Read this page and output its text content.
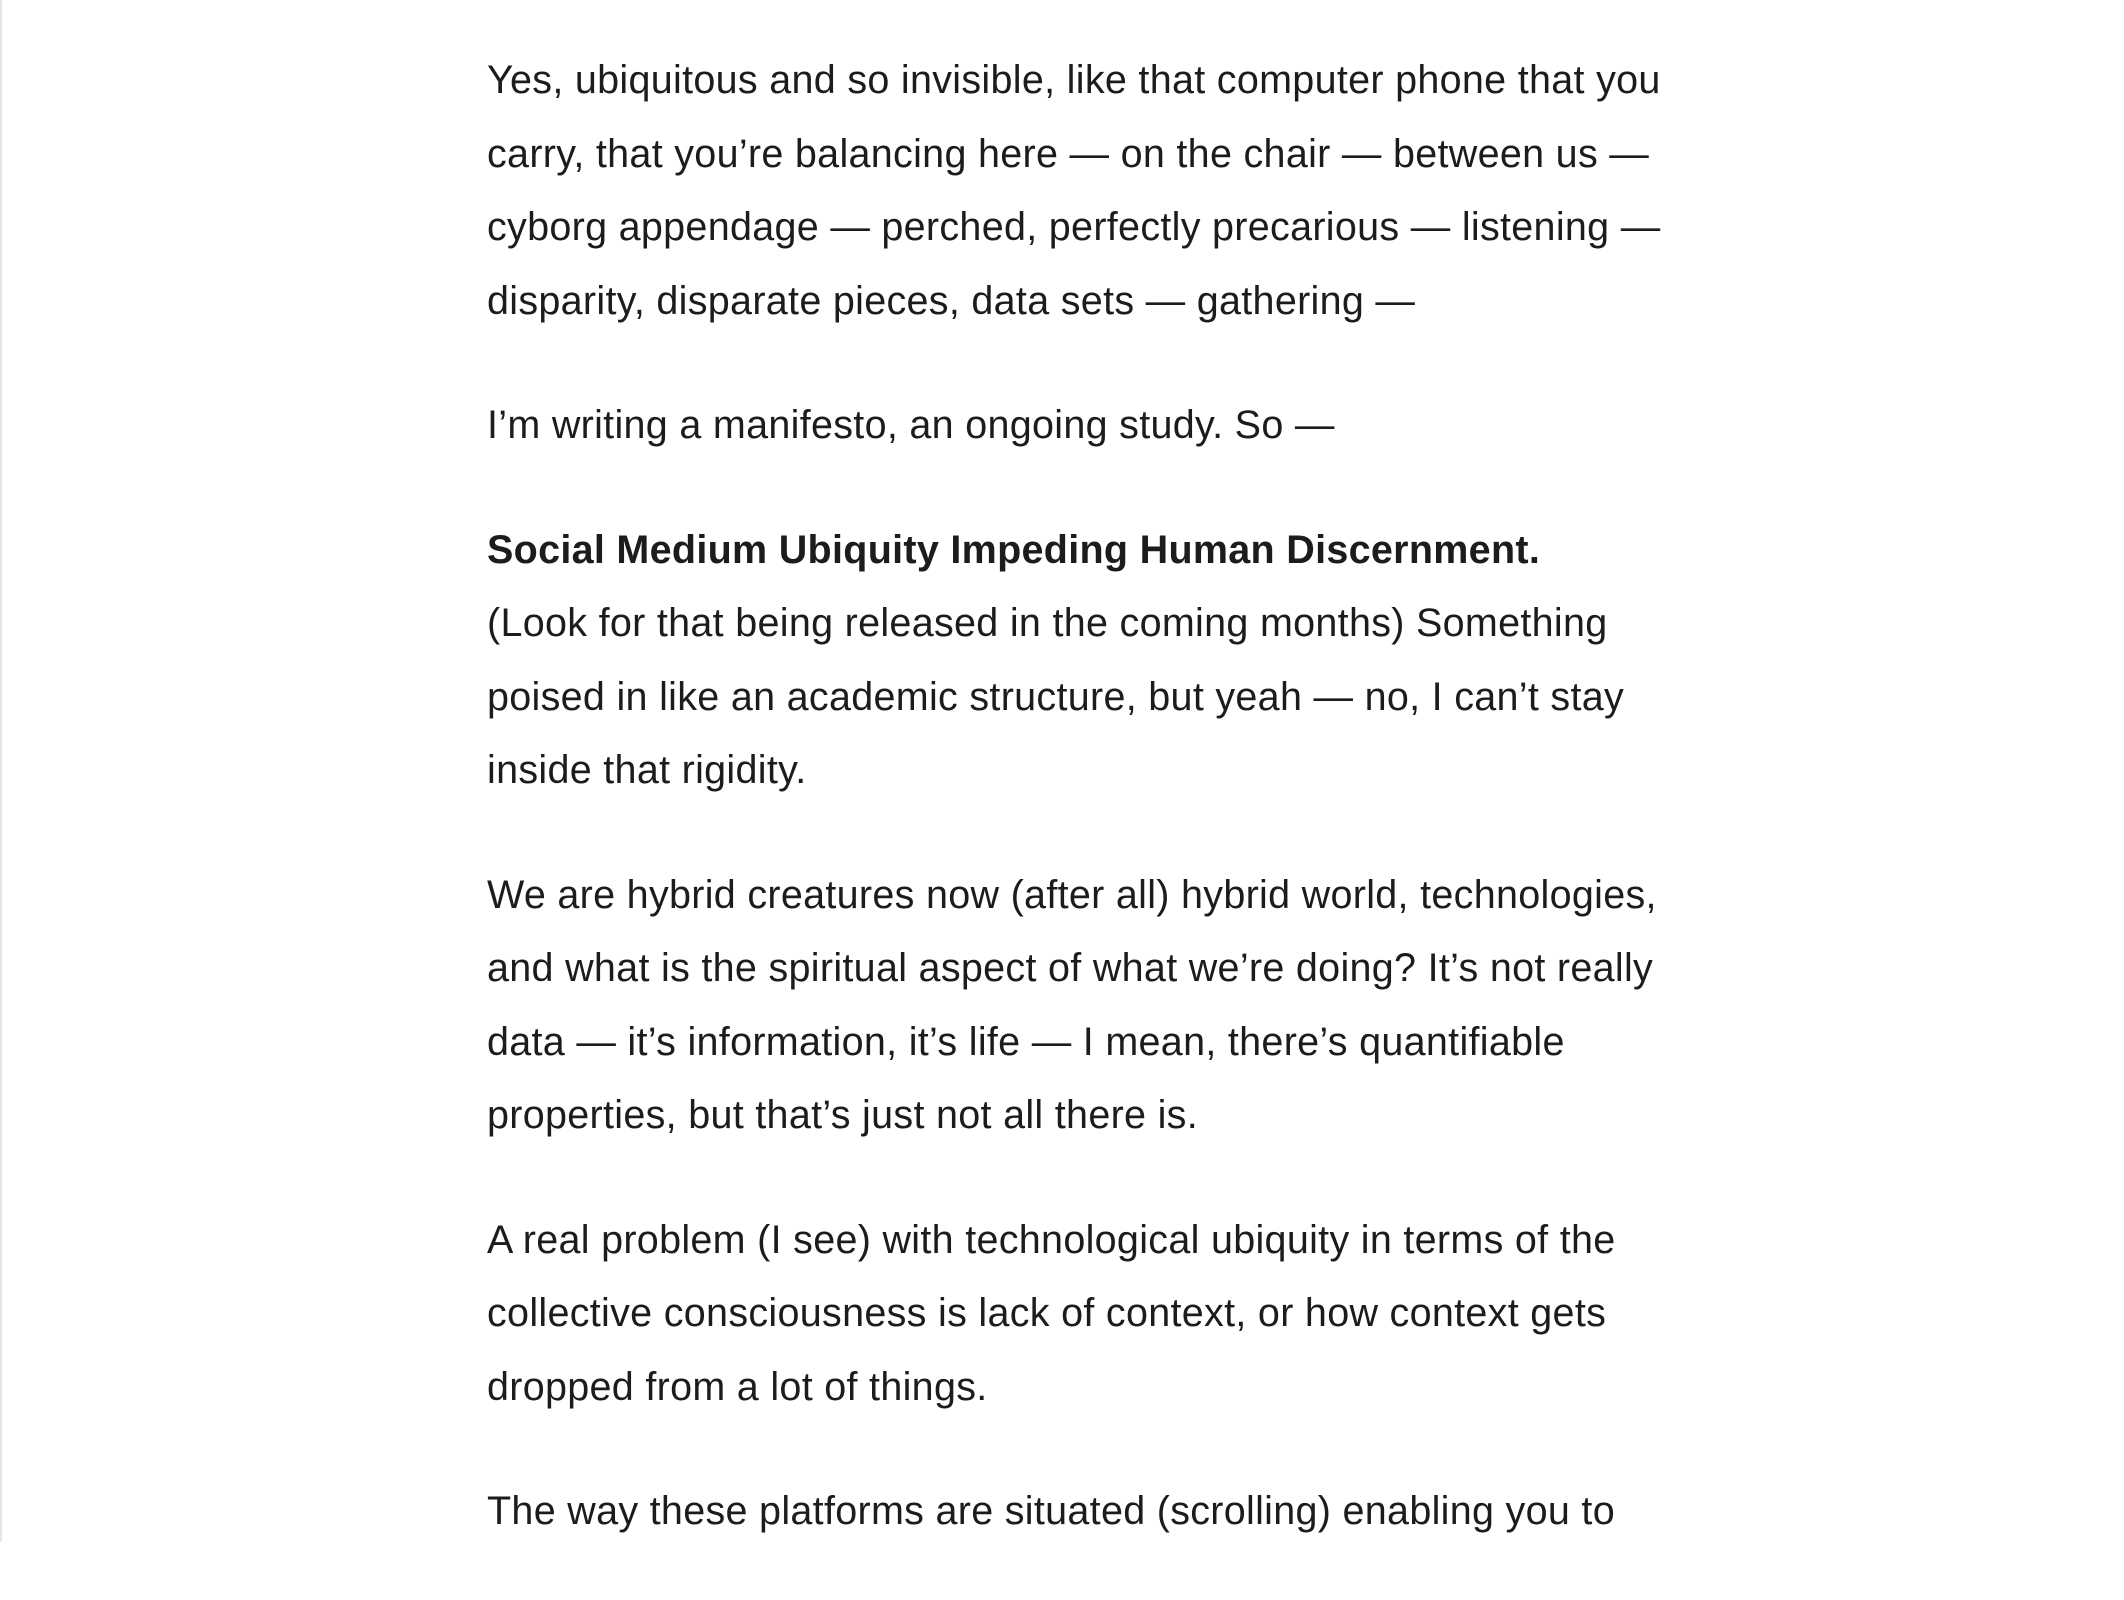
Yes, ubiquitous and so invisible, like that computer phone that you carry, that you’re balancing here — on the chair — between us — cyborg appendage — perched, perfectly precarious — listening — disparity, disparate pieces, data sets — gathering —

I’m writing a manifesto, an ongoing study. So —

Social Medium Ubiquity Impeding Human Discernment.
(Look for that being released in the coming months) Something poised in like an academic structure, but yeah — no, I can’t stay inside that rigidity.

We are hybrid creatures now (after all) hybrid world, technologies, and what is the spiritual aspect of what we’re doing? It’s not really data — it’s information, it’s life — I mean, there’s quantifiable properties, but that’s just not all there is.

A real problem (I see) with technological ubiquity in terms of the collective consciousness is lack of context, or how context gets dropped from a lot of things.

The way these platforms are situated (scrolling) enabling you to
